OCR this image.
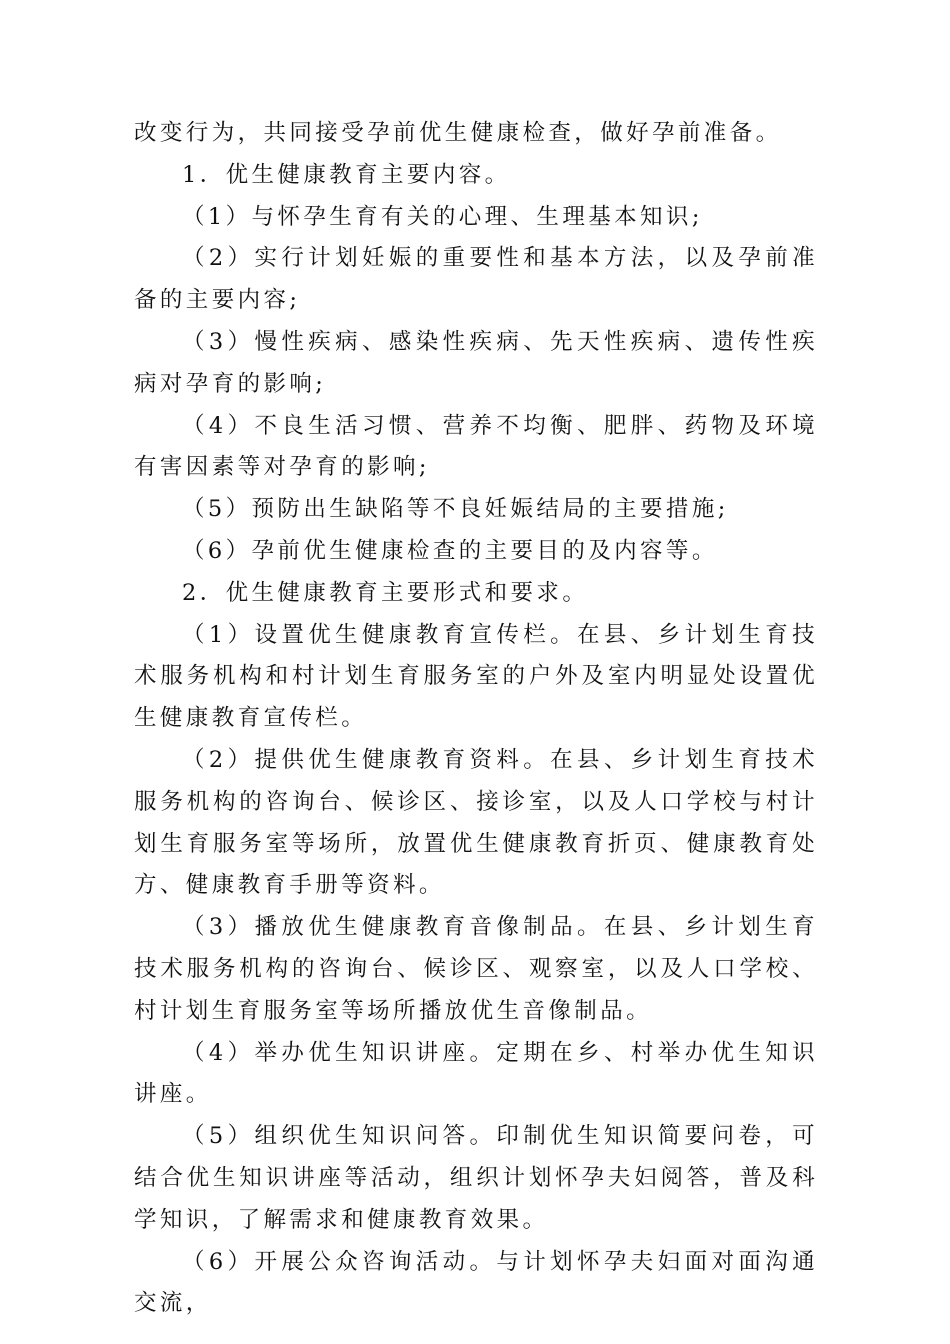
改变行为，共同接受孕前优生健康检查，做好孕前准备。

1．优生健康教育主要内容。

（1）与怀孕生育有关的心理、生理基本知识;

（2）实行计划妊娠的重要性和基本方法，以及孕前准备的主要内容;

（3）慢性疾病、感染性疾病、先天性疾病、遗传性疾病对孕育的影响;

（4）不良生活习惯、营养不均衡、肥胖、药物及环境有害因素等对孕育的影响;

（5）预防出生缺陷等不良妊娠结局的主要措施;

（6）孕前优生健康检查的主要目的及内容等。

2．优生健康教育主要形式和要求。

（1）设置优生健康教育宣传栏。在县、乡计划生育技术服务机构和村计划生育服务室的户外及室内明显处设置优生健康教育宣传栏。

（2）提供优生健康教育资料。在县、乡计划生育技术服务机构的咨询台、候诊区、接诊室，以及人口学校与村计划生育服务室等场所，放置优生健康教育折页、健康教育处方、健康教育手册等资料。

（3）播放优生健康教育音像制品。在县、乡计划生育技术服务机构的咨询台、候诊区、观察室，以及人口学校、村计划生育服务室等场所播放优生音像制品。

（4）举办优生知识讲座。定期在乡、村举办优生知识讲座。

（5）组织优生知识问答。印制优生知识简要问卷，可结合优生知识讲座等活动，组织计划怀孕夫妇阅答，普及科学知识，了解需求和健康教育效果。

（6）开展公众咨询活动。与计划怀孕夫妇面对面沟通交流，
